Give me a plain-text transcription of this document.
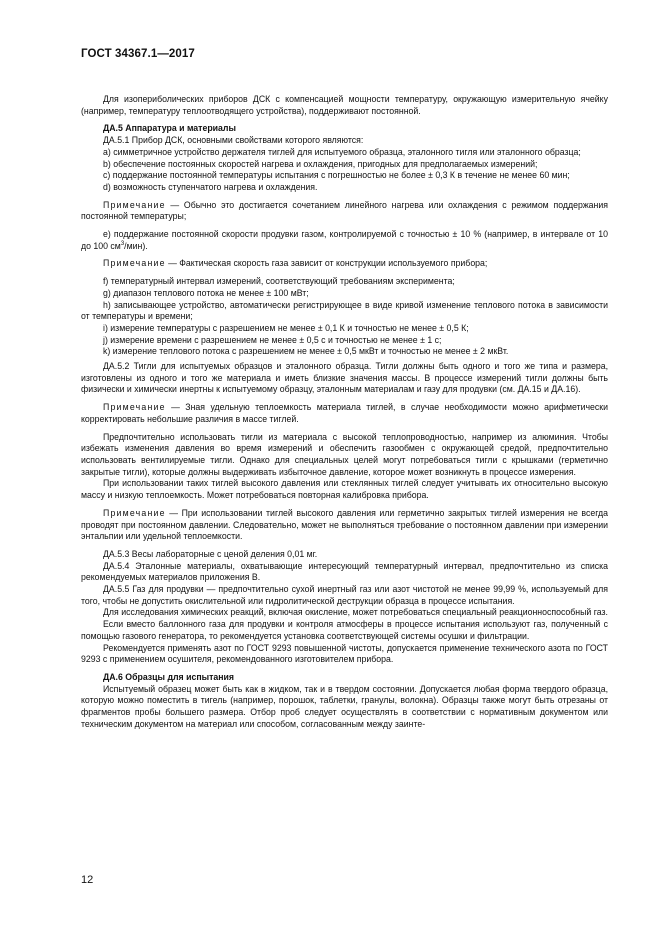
ГОСТ 34367.1—2017

Для изопериболических приборов ДСК с компенсацией мощности температуру, окружающую измерительную ячейку (например, температуру теплоотводящего устройства), поддерживают постоянной.

ДА.5 Аппаратура и материалы

ДА.5.1 Прибор ДСК, основными свойствами которого являются:

а) симметричное устройство держателя тиглей для испытуемого образца, эталонного тигля или эталонного образца;

b) обеспечение постоянных скоростей нагрева и охлаждения, пригодных для предполагаемых измерений;

с) поддержание постоянной температуры испытания с погрешностью не более ± 0,3 К в течение не менее 60 мин;

d) возможность ступенчатого нагрева и охлаждения.

Примечание — Обычно это достигается сочетанием линейного нагрева или охлаждения с режимом поддержания постоянной температуры;

е) поддержание постоянной скорости продувки газом, контролируемой с точностью ± 10 % (например, в интервале от 10 до 100 $см^3/мин$).

Примечание — Фактическая скорость газа зависит от конструкции используемого прибора;

f) температурный интервал измерений, соответствующий требованиям эксперимента;

g) диапазон теплового потока не менее ± 100 мВт;

h) записывающее устройство, автоматически регистрирующее в виде кривой изменение теплового потока в зависимости от температуры и времени;

i) измерение температуры с разрешением не менее ± 0,1 К и точностью не менее ± 0,5 К;

j) измерение времени с разрешением не менее ± 0,5 с и точностью не менее ± 1 с;

k) измерение теплового потока с разрешением не менее ± 0,5 мкВт и точностью не менее ± 2 мкВт.

ДА.5.2 Тигли для испытуемых образцов и эталонного образца. Тигли должны быть одного и того же типа и размера, изготовлены из одного и того же материала и иметь близкие значения массы. В процессе измерений тигли должны быть физически и химически инертны к испытуемому образцу, эталонным материалам и газу для продувки (см. ДА.15 и ДА.16).

Примечание — Зная удельную теплоемкость материала тиглей, в случае необходимости можно арифметически корректировать небольшие различия в массе тиглей.

Предпочтительно использовать тигли из материала с высокой теплопроводностью, например из алюминия. Чтобы избежать изменения давления во время измерений и обеспечить газообмен с окружающей средой, предпочтительно использовать вентилируемые тигли. Однако для специальных целей могут потребоваться тигли с крышками (герметично закрытые тигли), которые должны выдерживать избыточное давление, которое может возникнуть в процессе измерения.

При использовании таких тиглей высокого давления или стеклянных тиглей следует учитывать их относительно высокую массу и низкую теплоемкость. Может потребоваться повторная калибровка прибора.

Примечание — При использовании тиглей высокого давления или герметично закрытых тиглей измерения не всегда проводят при постоянном давлении. Следовательно, может не выполняться требование о постоянном давлении при измерении энтальпии или удельной теплоемкости.

ДА.5.3 Весы лабораторные с ценой деления 0,01 мг.

ДА.5.4 Эталонные материалы, охватывающие интересующий температурный интервал, предпочтительно из списка рекомендуемых материалов приложения В.

ДА.5.5 Газ для продувки — предпочтительно сухой инертный газ или азот чистотой не менее 99,99 %, используемый для того, чтобы не допустить окислительной или гидролитической деструкции образца в процессе испытания.

Для исследования химических реакций, включая окисление, может потребоваться специальный реакционноспособный газ.

Если вместо баллонного газа для продувки и контроля атмосферы в процессе испытания используют газ, полученный с помощью газового генератора, то рекомендуется установка соответствующей системы осушки и фильтрации.

Рекомендуется применять азот по ГОСТ 9293 повышенной чистоты, допускается применение технического азота по ГОСТ 9293 с применением осушителя, рекомендованного изготовителем прибора.

ДА.6 Образцы для испытания

Испытуемый образец может быть как в жидком, так и в твердом состоянии. Допускается любая форма твердого образца, которую можно поместить в тигель (например, порошок, таблетки, гранулы, волокна). Образцы также могут быть отрезаны от фрагментов пробы большего размера. Отбор проб следует осуществлять в соответствии с нормативным документом или техническим документом на материал или способом, согласованным между заинте-

12
